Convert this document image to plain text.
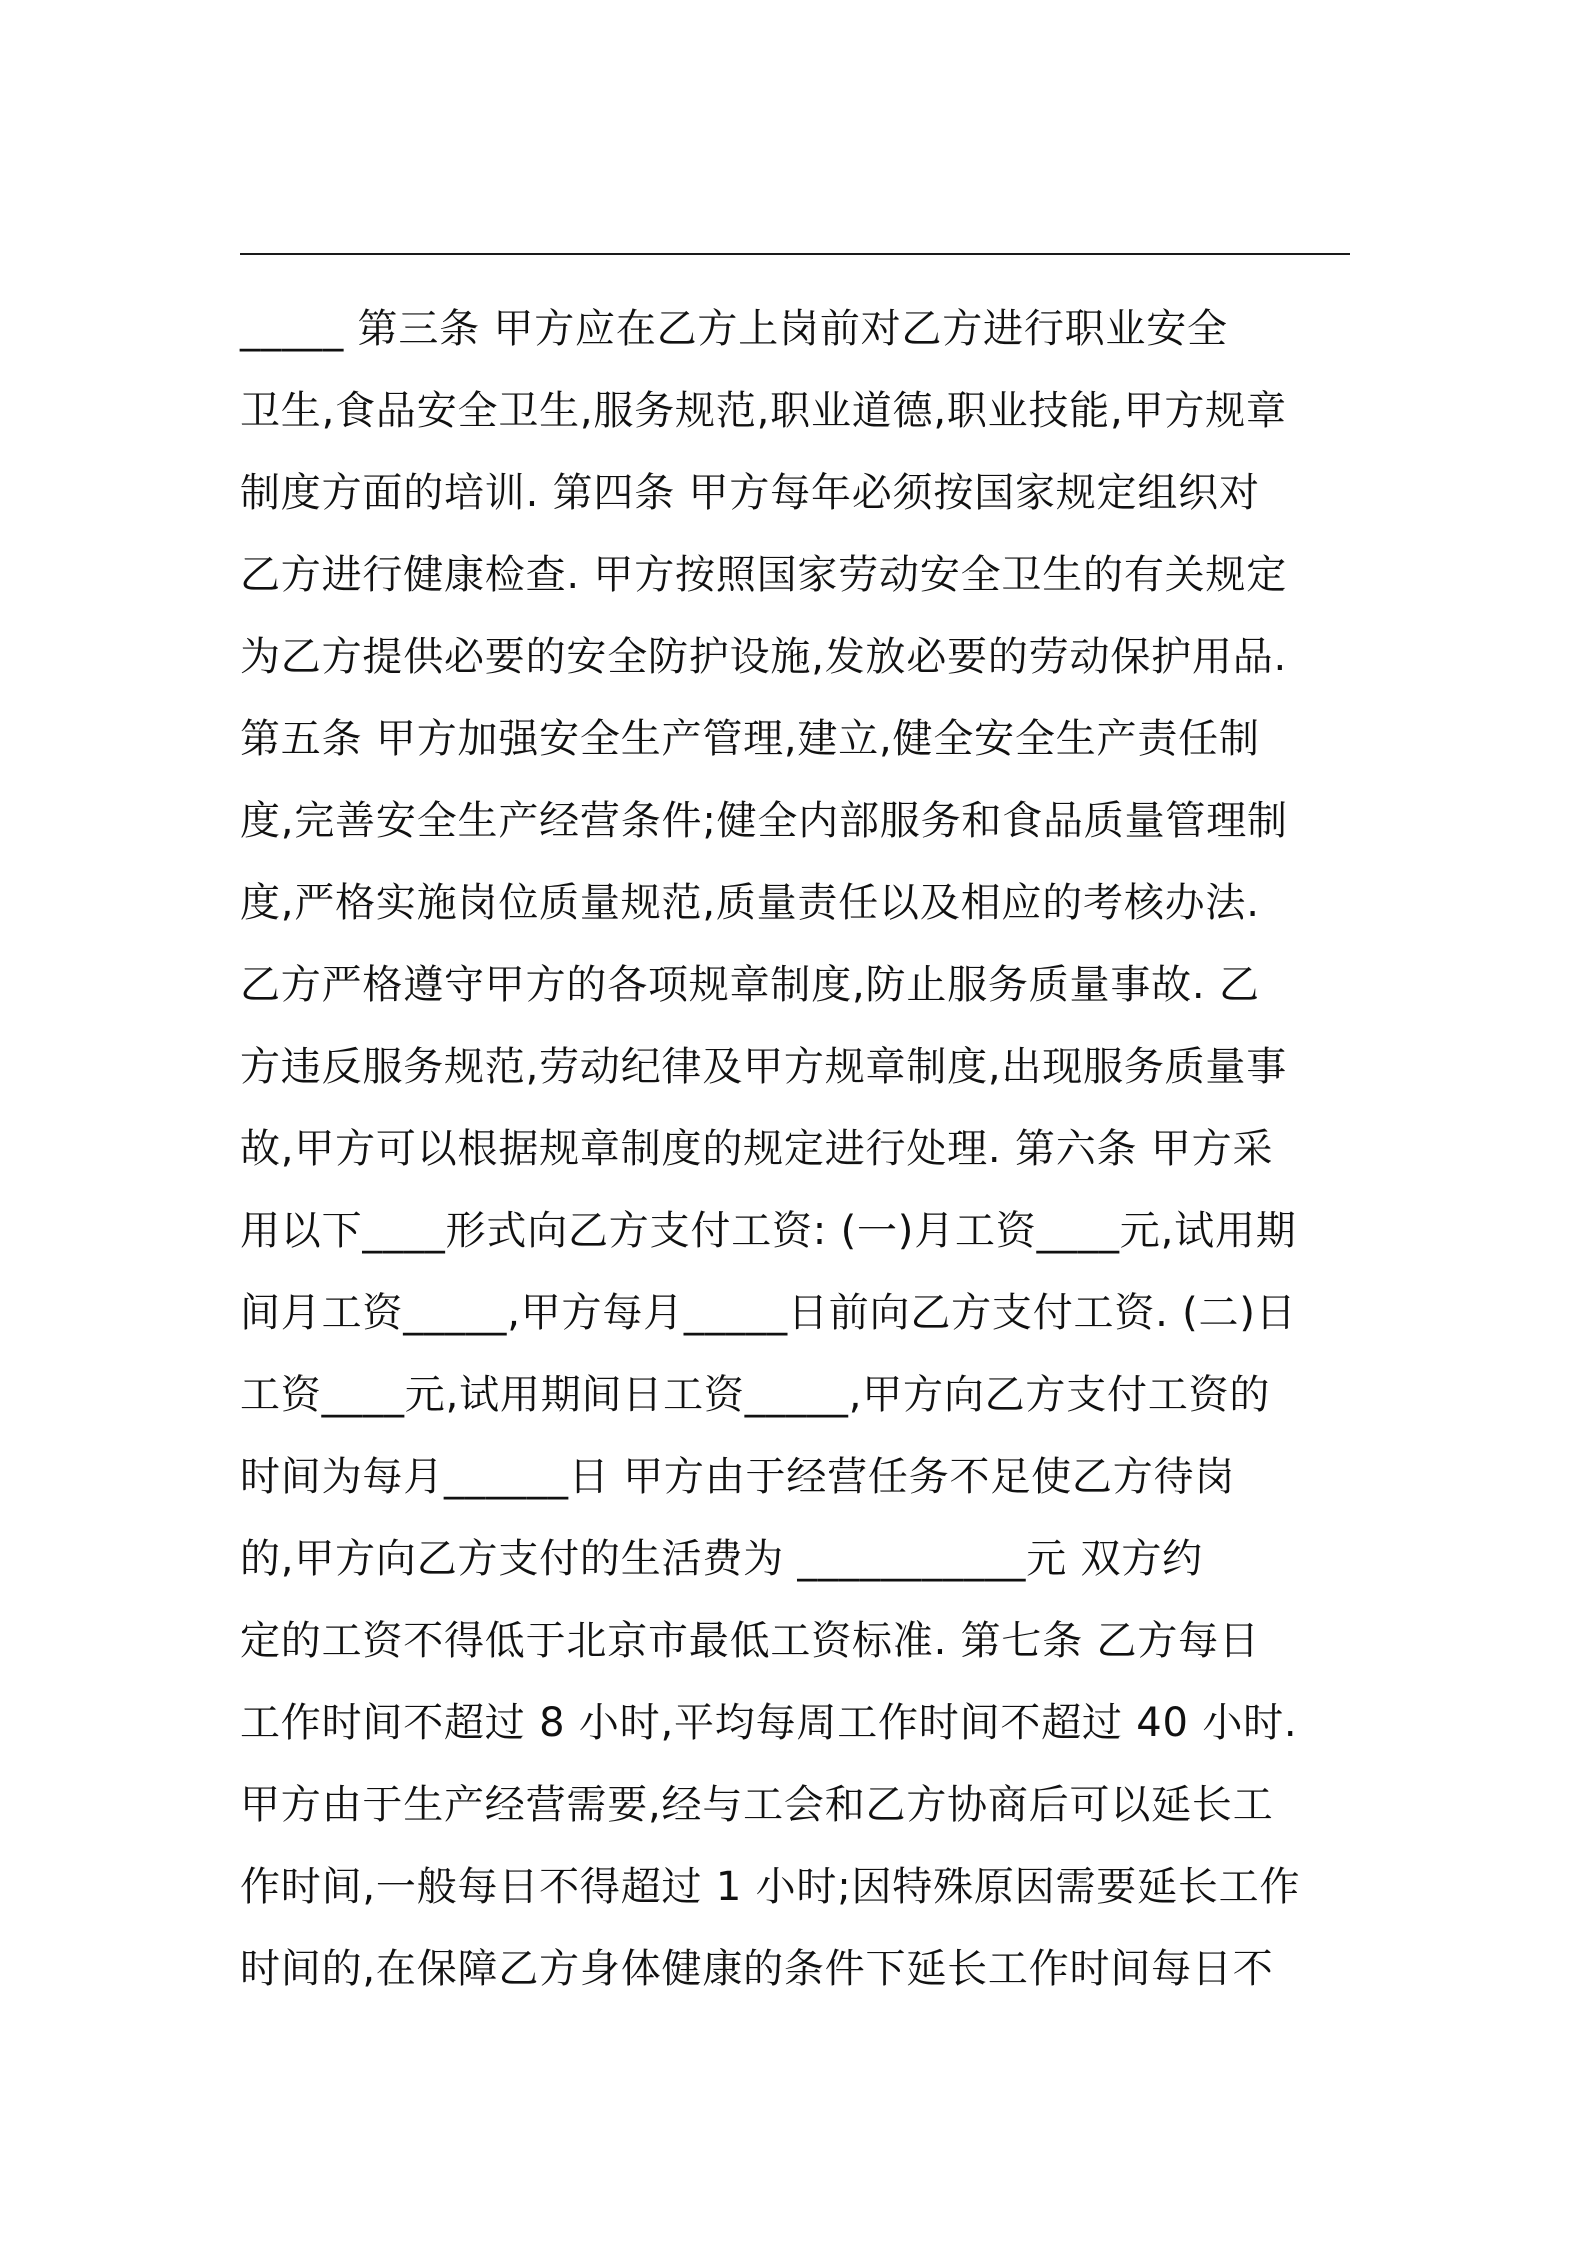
_____ 第三条 甲方应在乙方上岗前对乙方进行职业安全
卫生,食品安全卫生,服务规范,职业道德,职业技能,甲方规章
制度方面的培训. 第四条 甲方每年必须按国家规定组织对
乙方进行健康检查. 甲方按照国家劳动安全卫生的有关规定
为乙方提供必要的安全防护设施,发放必要的劳动保护用品.
第五条 甲方加强安全生产管理,建立,健全安全生产责任制
度,完善安全生产经营条件;健全内部服务和食品质量管理制
度,严格实施岗位质量规范,质量责任以及相应的考核办法.
乙方严格遵守甲方的各项规章制度,防止服务质量事故. 乙
方违反服务规范,劳动纪律及甲方规章制度,出现服务质量事
故,甲方可以根据规章制度的规定进行处理. 第六条 甲方采
用以下____形式向乙方支付工资: (一)月工资____元,试用期
间月工资_____,甲方每月_____日前向乙方支付工资. (二)日
工资____元,试用期间日工资_____,甲方向乙方支付工资的
时间为每月______日 甲方由于经营任务不足使乙方待岗
的,甲方向乙方支付的生活费为 ___________元 双方约
定的工资不得低于北京市最低工资标准. 第七条 乙方每日
工作时间不超过 8 小时,平均每周工作时间不超过 40 小时.
甲方由于生产经营需要,经与工会和乙方协商后可以延长工
作时间,一般每日不得超过 1 小时;因特殊原因需要延长工作
时间的,在保障乙方身体健康的条件下延长工作时间每日不
